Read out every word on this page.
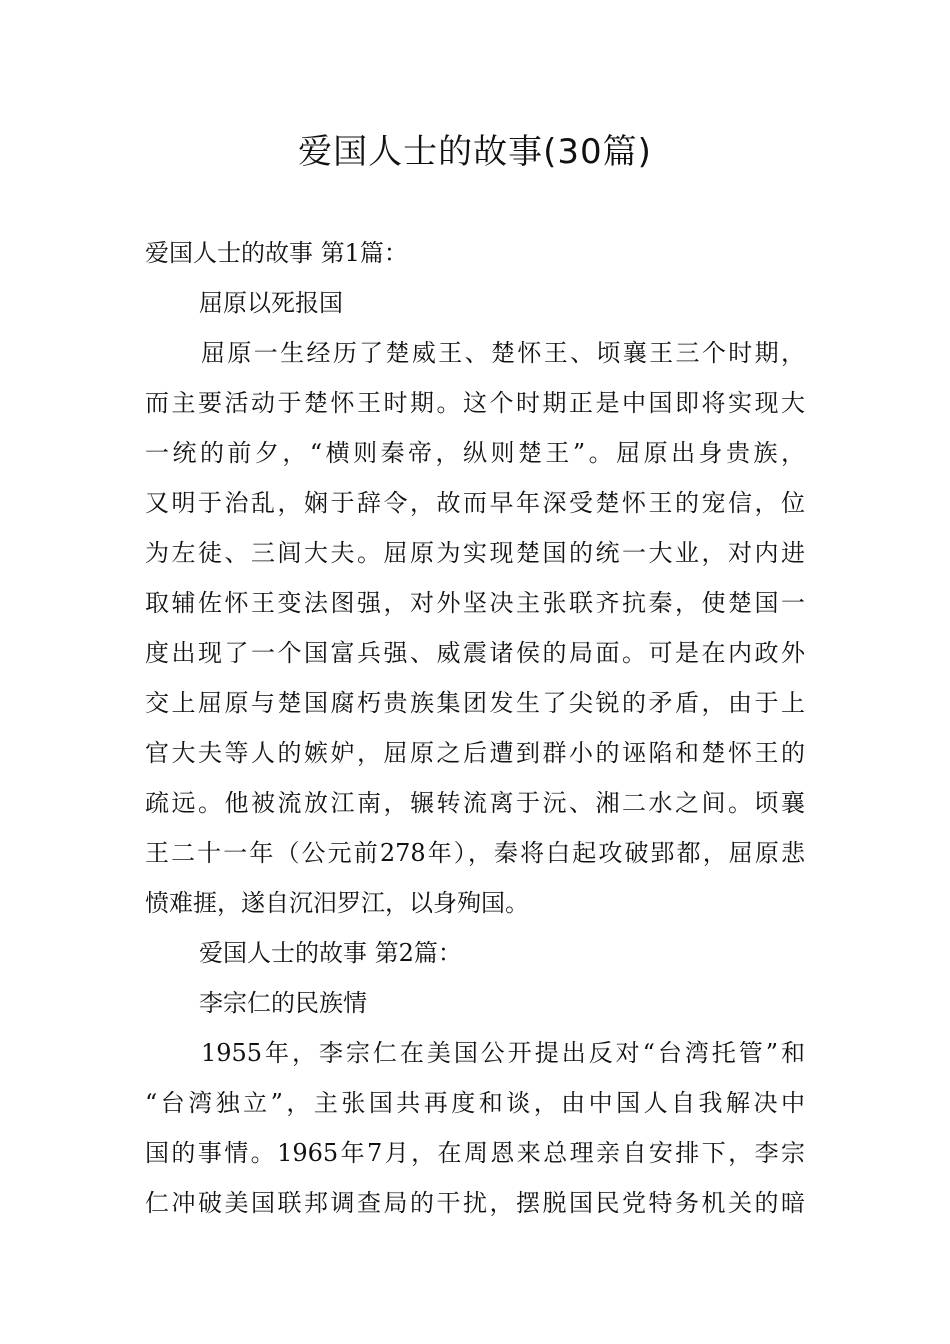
爱国人士的故事(30篇)
爱国人士的故事 第1篇：
屈原以死报国
屈原一生经历了楚威王、楚怀王、顷襄王三个时期，
而主要活动于楚怀王时期。这个时期正是中国即将实现大
一统的前夕，“横则秦帝，纵则楚王”。屈原出身贵族，
又明于治乱，娴于辞令，故而早年深受楚怀王的宠信，位
为左徒、三闾大夫。屈原为实现楚国的统一大业，对内进
取辅佐怀王变法图强，对外坚决主张联齐抗秦，使楚国一
度出现了一个国富兵强、威震诸侯的局面。可是在内政外
交上屈原与楚国腐朽贵族集团发生了尖锐的矛盾，由于上
官大夫等人的嫉妒，屈原之后遭到群小的诬陷和楚怀王的
疏远。他被流放江南，辗转流离于沅、湘二水之间。顷襄
王二十一年（公元前278年），秦将白起攻破郢都，屈原悲
愤难捱，遂自沉汨罗江，以身殉国。
爱国人士的故事 第2篇：
李宗仁的民族情
1955年，李宗仁在美国公开提出反对“台湾托管”和
“台湾独立”，主张国共再度和谈，由中国人自我解决中
国的事情。1965年7月，在周恩来总理亲自安排下，李宗
仁冲破美国联邦调查局的干扰，摆脱国民党特务机关的暗
